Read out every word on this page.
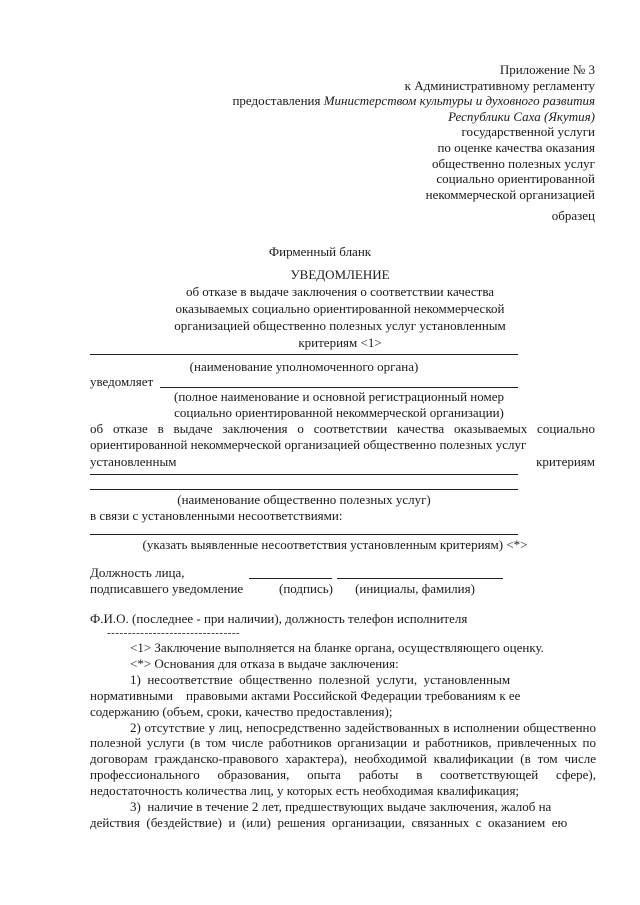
Приложение № 3
к Административному регламенту
предоставления Министерством культуры и духовного развития
Республики Саха (Якутия)
государственной услуги
по оценке качества оказания
общественно полезных услуг
социально ориентированной
некоммерческой организацией
образец
Фирменный бланк
УВЕДОМЛЕНИЕ
об отказе в выдаче заключения о соответствии качества оказываемых социально ориентированной некоммерческой организацией общественно полезных услуг установленным критериям <1>
(наименование уполномоченного органа)
уведомляет
(полное наименование и основной регистрационный номер
социально ориентированной некоммерческой организации)
об отказе в выдаче заключения о соответствии качества оказываемых социально ориентированной некоммерческой организацией общественно полезных услуг
установленным	критериям
(наименование общественно полезных услуг)
в связи с установленными несоответствиями:
(указать выявленные несоответствия установленным критериям) <*>
Должность лица,
подписавшего уведомление	(подпись) (инициалы, фамилия)
Ф.И.О. (последнее - при наличии), должность телефон исполнителя
--------------------------------
<1> Заключение выполняется на бланке органа, осуществляющего оценку.
<*> Основания для отказа в выдаче заключения:
1)  несоответствие  общественно  полезной  услуги,  установленным
нормативными    правовыми актами Российской Федерации требованиям к ее
содержанию (объем, сроки, качество предоставления);
2) отсутствие у лиц, непосредственно задействованных в исполнении общественно полезной услуги (в том числе работников организации и работников, привлеченных по договорам гражданско-правового характера), необходимой квалификации (в том числе профессионального образования, опыта работы в соответствующей сфере), недостаточность количества лиц, у которых есть необходимая квалификация;
3)  наличие в течение 2 лет, предшествующих выдаче заключения, жалоб на
действия  (бездействие)  и  (или)  решения  организации,  связанных  с  оказанием  ею
